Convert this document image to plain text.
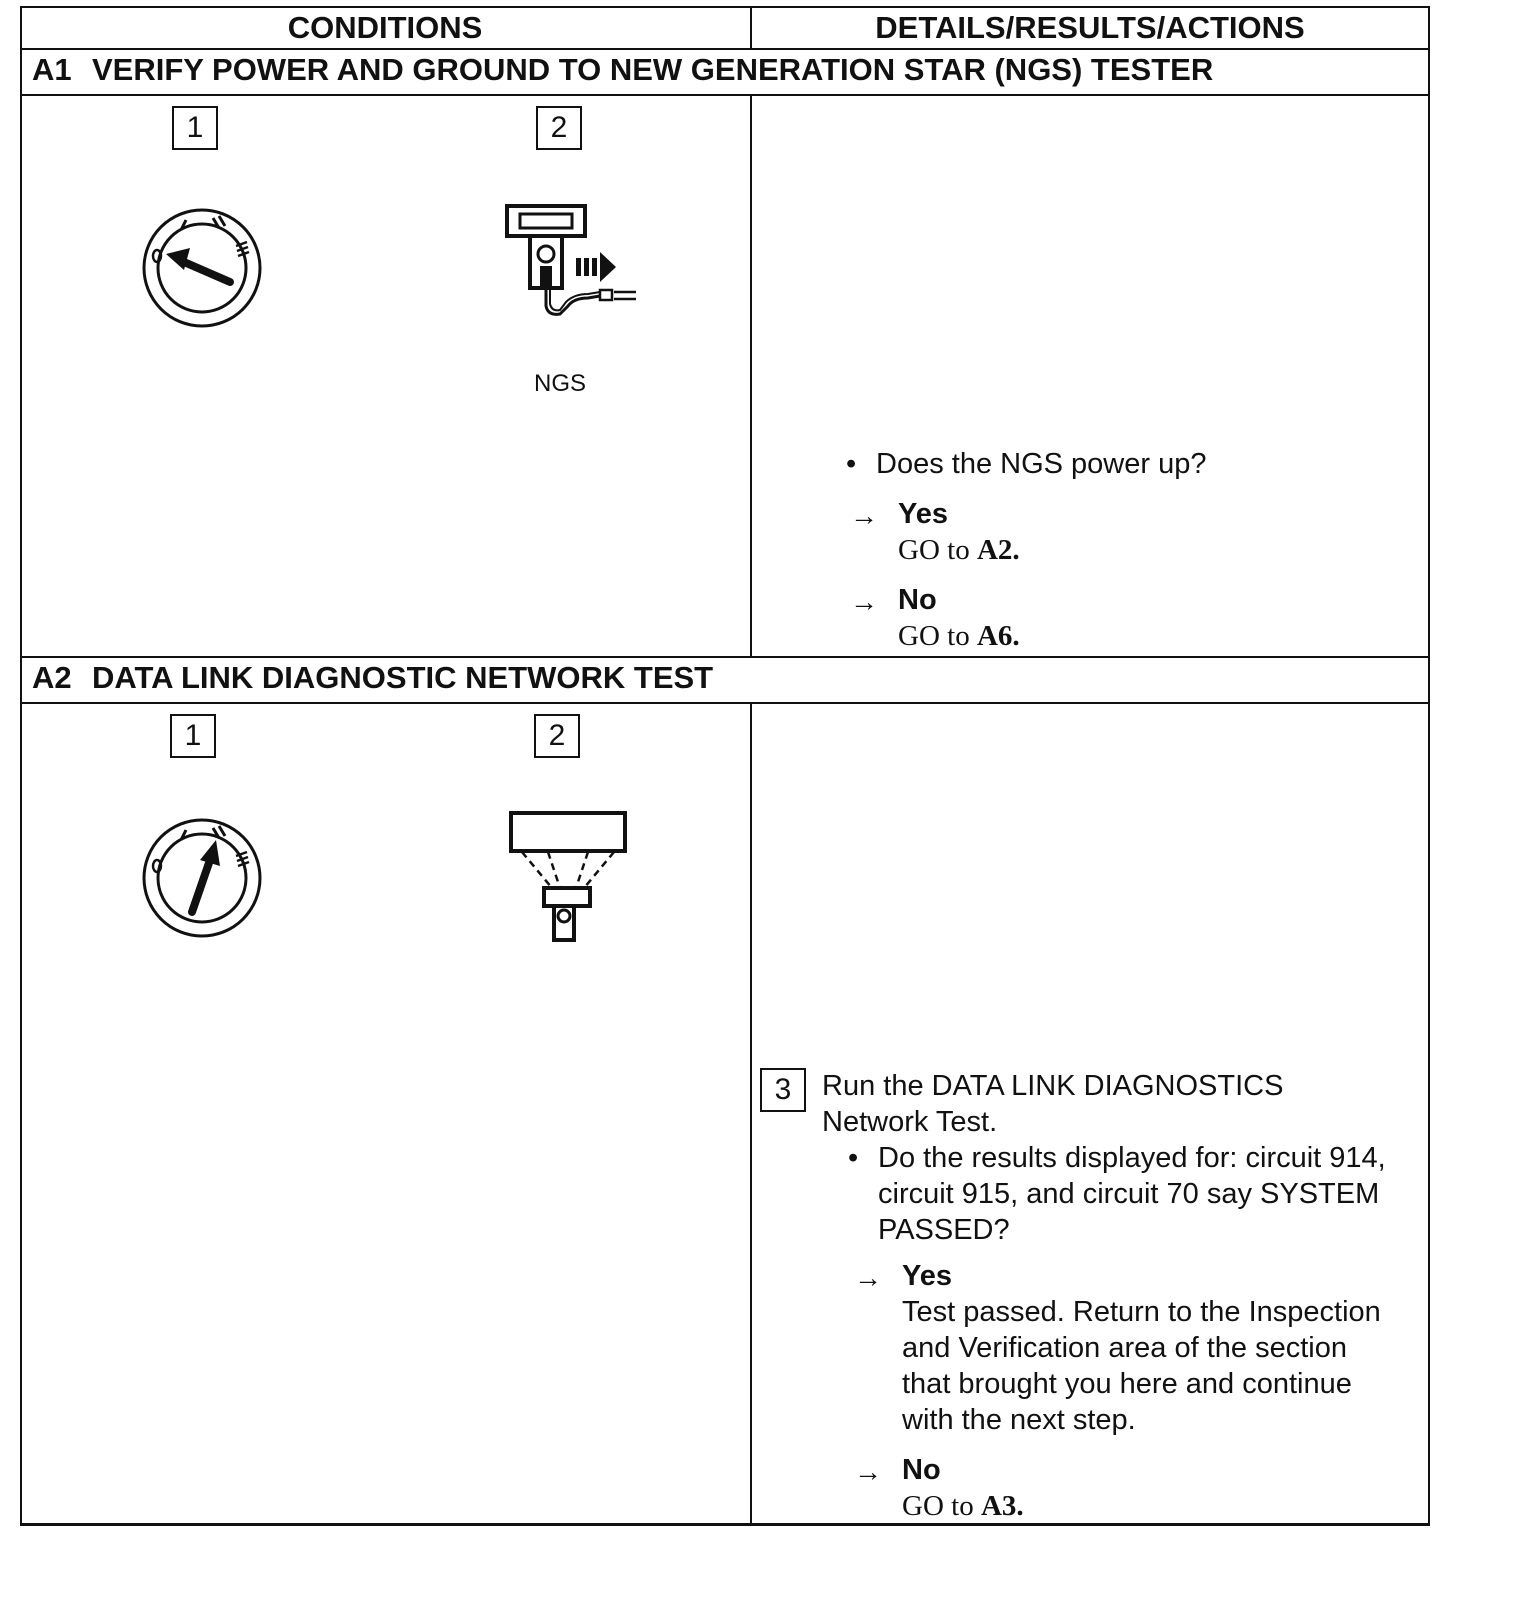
CONDITIONS	DETAILS/RESULTS/ACTIONS
A1 VERIFY POWER AND GROUND TO NEW GENERATION STAR (NGS) TESTER
1	2
NGS
• Does the NGS power up?
→ Yes
GO to A2.
→ No
GO to A6.
A2 DATA LINK DIAGNOSTIC NETWORK TEST
1	2
3	Run the DATA LINK DIAGNOSTICS
Network Test.
• Do the results displayed for: circuit 914,
circuit 915, and circuit 70 say SYSTEM
PASSED?
→ Yes
Test passed. Return to the Inspection
and Verification area of the section
that brought you here and continue
with the next step.
→ No
GO to A3.
